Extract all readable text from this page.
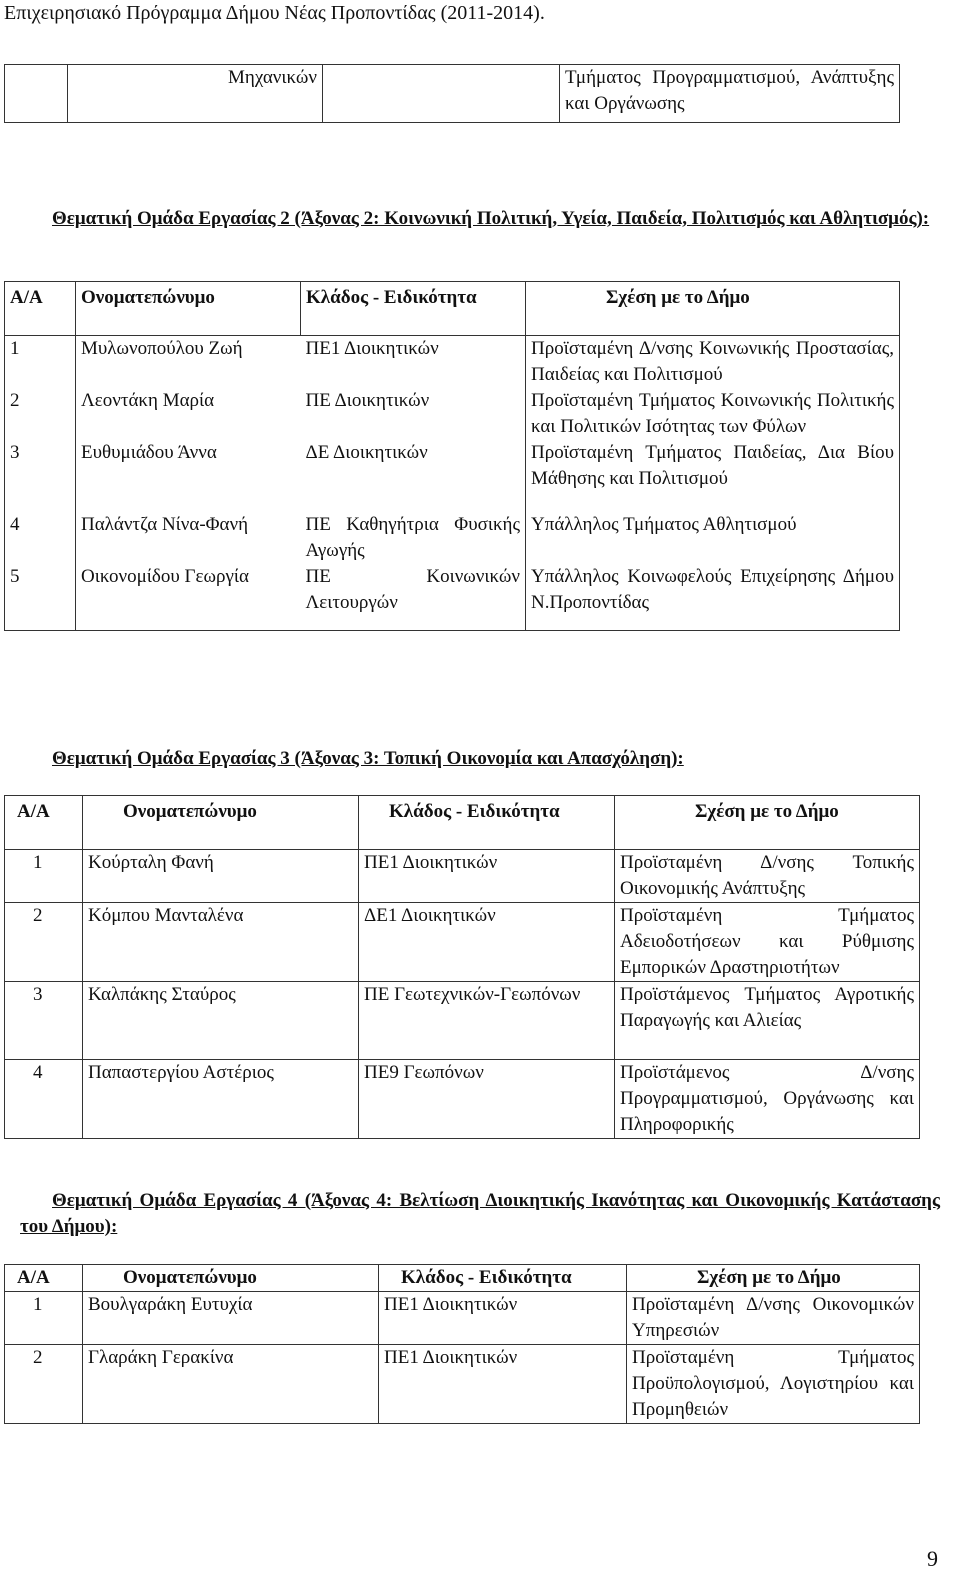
Επιχειρησιακό Πρόγραμμα Δήμου Νέας Προποντίδας (2011-2014).
	Μηχανικών		Τμήματος Προγραμματισμού, Ανάπτυξης και Οργάνωσης
Θεματική Ομάδα Εργασίας 2 (Άξονας 2: Κοινωνική Πολιτική, Υγεία, Παιδεία, Πολιτισμός και Αθλητισμός):
Α/Α	Ονοματεπώνυμο	Κλάδος - Ειδικότητα	Σχέση με το Δήμο
1	Μυλωνοπούλου Ζωή	ΠΕ1 Διοικητικών	Προϊσταμένη Δ/νσης Κοινωνικής Προστασίας, Παιδείας και Πολιτισμού
2	Λεοντάκη Μαρία	ΠΕ Διοικητικών	Προϊσταμένη Τμήματος Κοινωνικής Πολιτικής και Πολιτικών Ισότητας των Φύλων
3	Ευθυμιάδου Άννα	ΔΕ Διοικητικών	Προϊσταμένη Τμήματος Παιδείας, Δια Βίου Μάθησης και Πολιτισμού
4	Παλάντζα Νίνα-Φανή	ΠΕ Καθηγήτρια Φυσικής Αγωγής	Υπάλληλος Τμήματος Αθλητισμού
5	Οικονομίδου Γεωργία	ΠΕ Κοινωνικών Λειτουργών	Υπάλληλος Κοινωφελούς Επιχείρησης Δήμου Ν.Προποντίδας
Θεματική Ομάδα Εργασίας 3 (Άξονας 3: Τοπική Οικονομία και Απασχόληση):
Α/Α	Ονοματεπώνυμο	Κλάδος - Ειδικότητα	Σχέση με το Δήμο
1	Κούρταλη Φανή	ΠΕ1 Διοικητικών	Προϊσταμένη Δ/νσης Τοπικής Οικονομικής Ανάπτυξης
2	Κόμπου Μανταλένα	ΔΕ1 Διοικητικών	Προϊσταμένη Τμήματος Αδειοδοτήσεων και Ρύθμισης Εμπορικών Δραστηριοτήτων
3	Καλπάκης Σταύρος	ΠΕ Γεωτεχνικών-Γεωπόνων	Προϊστάμενος Τμήματος Αγροτικής Παραγωγής και Αλιείας
4	Παπαστεργίου Αστέριος	ΠΕ9 Γεωπόνων	Προϊστάμενος Δ/νσης Προγραμματισμού, Οργάνωσης και Πληροφορικής
Θεματική Ομάδα Εργασίας 4 (Άξονας 4: Βελτίωση Διοικητικής Ικανότητας και Οικονομικής Κατάστασης του Δήμου):
Α/Α	Ονοματεπώνυμο	Κλάδος - Ειδικότητα	Σχέση με το Δήμο
1	Βουλγαράκη Ευτυχία	ΠΕ1 Διοικητικών	Προϊσταμένη Δ/νσης Οικονομικών Υπηρεσιών
2	Γλαράκη Γερακίνα	ΠΕ1 Διοικητικών	Προϊσταμένη Τμήματος Προϋπολογισμού, Λογιστηρίου και Προμηθειών
9
